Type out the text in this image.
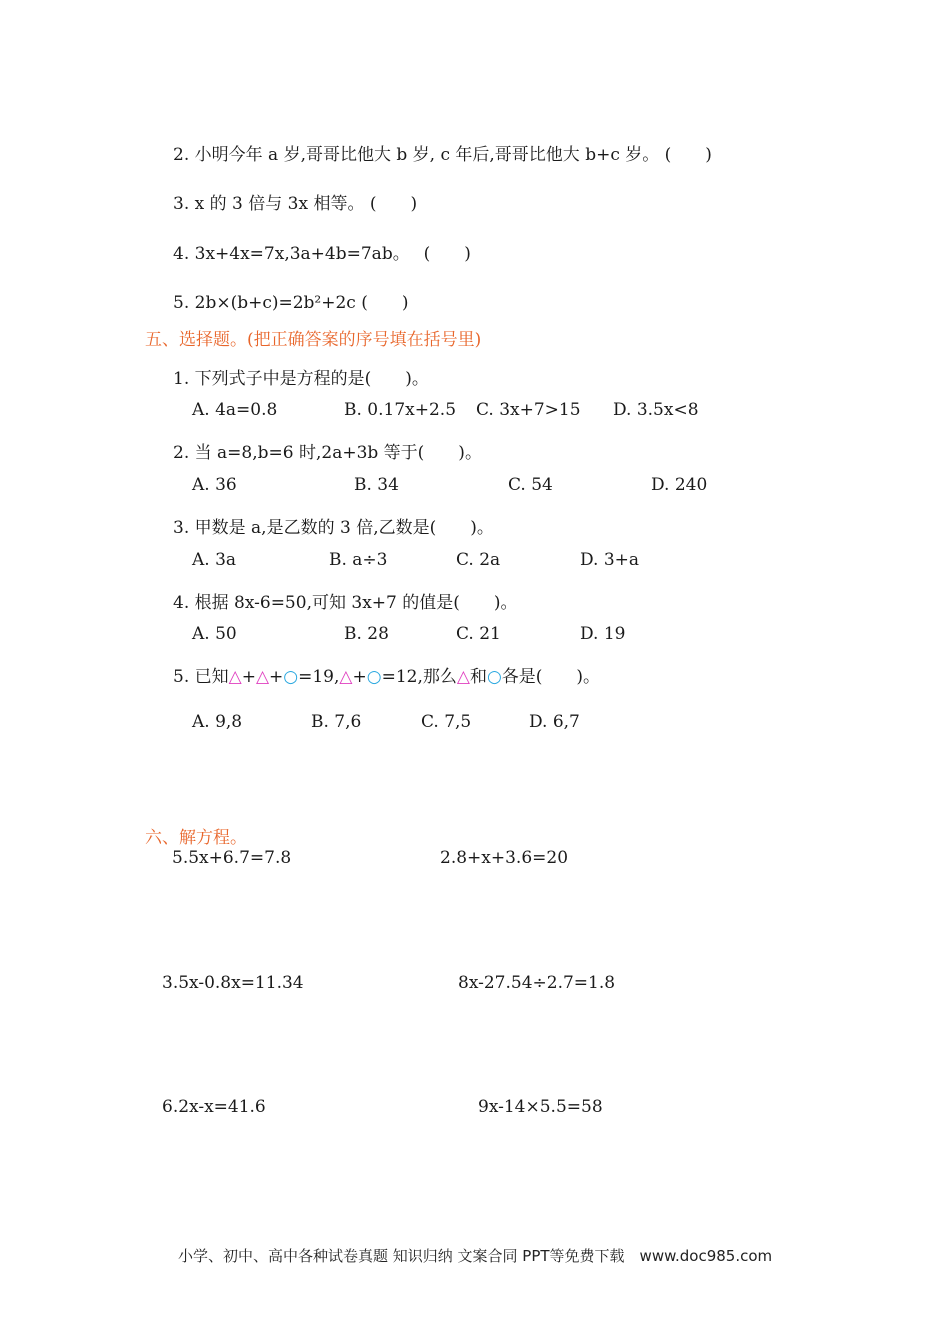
2. 小明今年 a 岁,哥哥比他大 b 岁, c 年后,哥哥比他大 b+c 岁。 (　　)
3. x 的 3 倍与 3x 相等。 (　　)
4. 3x+4x=7x,3a+4b=7ab。　 (　　)
5. 2b×(b+c)=2b²+2c (　　)
五、选择题。(把正确答案的序号填在括号里)
1. 下列式子中是方程的是(　　)。
A. 4a=0.8	B. 0.17x+2.5 C. 3x+7>15 D. 3.5x<8
2. 当 a=8,b=6 时,2a+3b 等于(　　)。
A. 36	B. 34	C. 54	D. 240
3. 甲数是 a,是乙数的 3 倍,乙数是(　　)。
A. 3a	B. a÷3	C. 2a	D. 3+a
4. 根据 8x-6=50,可知 3x+7 的值是(　　)。
A. 50	B. 28	C. 21	D. 19
5. 已知△+△+○=19,△+○=12,那么△和○各是(　　)。
A. 9,8	B. 7,6	C. 7,5	D. 6,7
六、解方程。
5.5x+6.7=7.8	2.8+x+3.6=20
3.5x-0.8x=11.34	8x-27.54÷2.7=1.8
6.2x-x=41.6	9x-14×5.5=58
小学、初中、高中各种试卷真题 知识归纳 文案合同 PPT等免费下载　www.doc985.com
